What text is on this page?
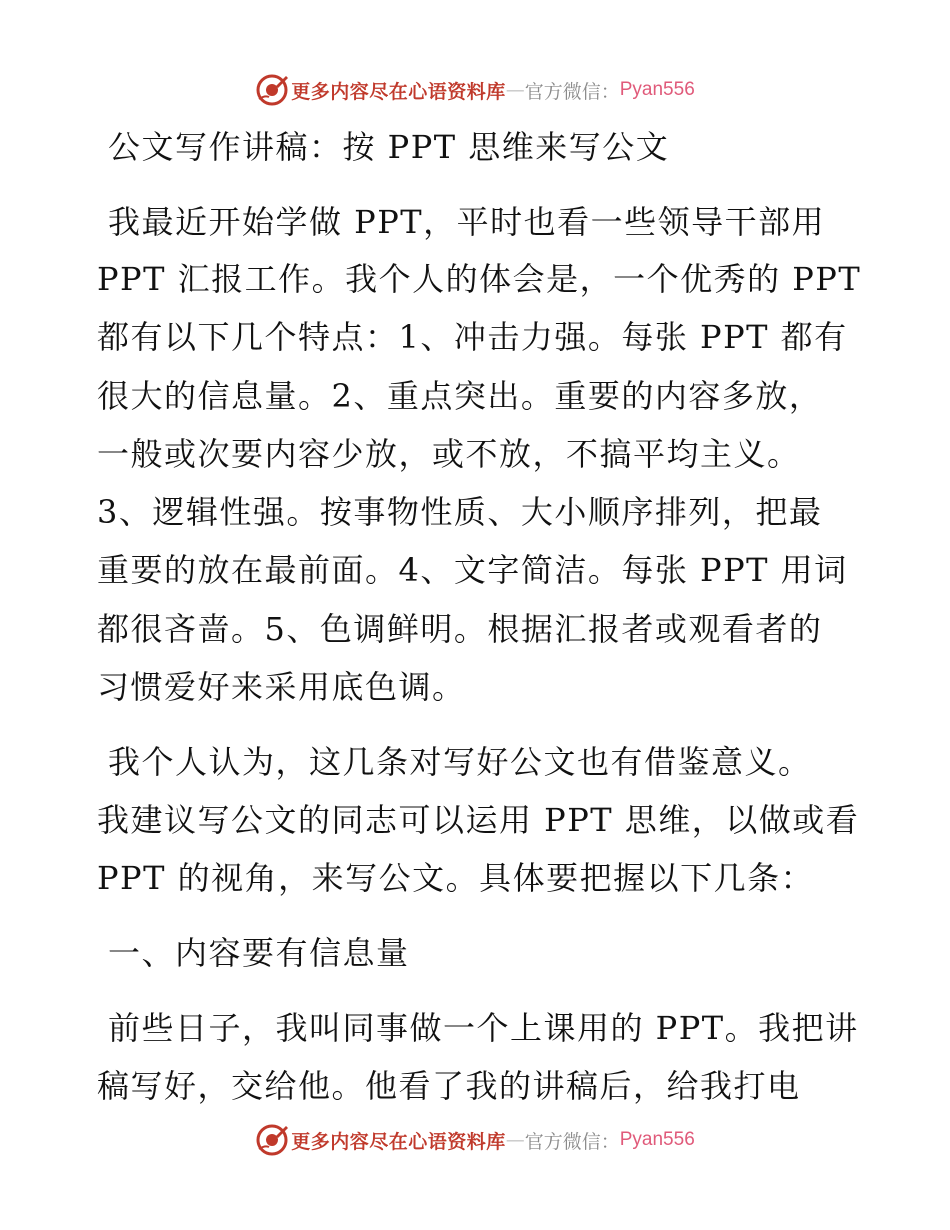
更多内容尽在心语资料库 — 官方微信： Pyan556
公文写作讲稿：按 PPT 思维来写公文
我最近开始学做 PPT，平时也看一些领导干部用
PPT 汇报工作。我个人的体会是，一个优秀的 PPT
都有以下几个特点：1、冲击力强。每张 PPT 都有
很大的信息量。2、重点突出。重要的内容多放，
一般或次要内容少放，或不放，不搞平均主义。
3、逻辑性强。按事物性质、大小顺序排列，把最
重要的放在最前面。4、文字简洁。每张 PPT 用词
都很吝啬。5、色调鲜明。根据汇报者或观看者的
习惯爱好来采用底色调。
我个人认为，这几条对写好公文也有借鉴意义。
我建议写公文的同志可以运用 PPT 思维，以做或看
PPT 的视角，来写公文。具体要把握以下几条：
一、内容要有信息量
前些日子，我叫同事做一个上课用的 PPT。我把讲
稿写好，交给他。他看了我的讲稿后，给我打电
更多内容尽在心语资料库 — 官方微信： Pyan556
